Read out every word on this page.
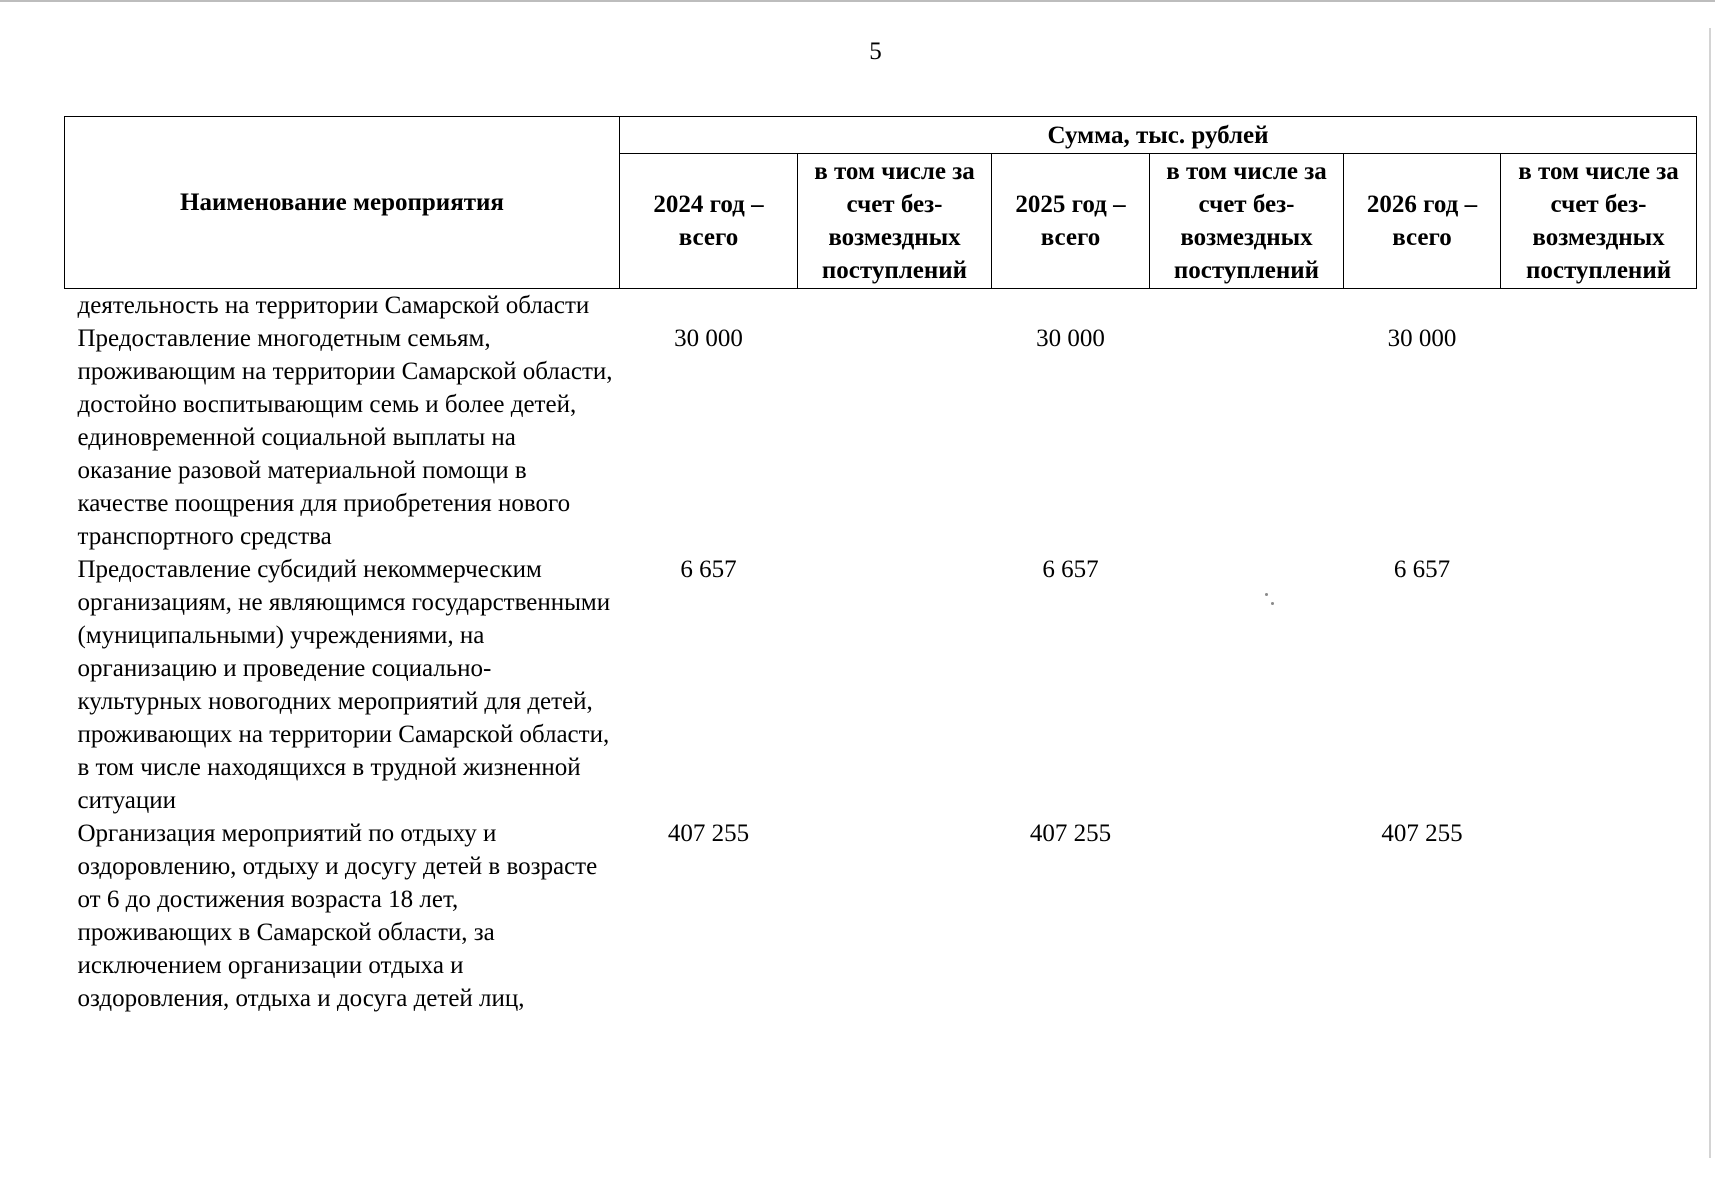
5
Наименование мероприятия	Сумма, тыс. рублей					
	2024 год – всего	в том числе за счет без-возмездных поступлений	2025 год – всего	в том числе за счет без-возмездных поступлений	2026 год – всего	в том числе за счет без-возмездных поступлений
деятельность на территории Самарской области						
Предоставление многодетным семьям, проживающим на территории Самарской области, достойно воспитывающим семь и более детей, единовременной социальной выплаты на оказание разовой материальной помощи в качестве поощрения для приобретения нового транспортного средства	30 000		30 000		30 000	
Предоставление субсидий некоммерческим организациям, не являющимся государственными (муниципальными) учреждениями, на организацию и проведение социально-культурных новогодних мероприятий для детей, проживающих на территории Самарской области, в том числе находящихся в трудной жизненной ситуации	6 657		6 657		6 657	
Организация мероприятий по отдыху и оздоровлению, отдыху и досугу детей в возрасте от 6 до достижения возраста 18 лет, проживающих в Самарской области, за исключением организации отдыха и оздоровления, отдыха и досуга детей лиц,	407 255		407 255		407 255	
